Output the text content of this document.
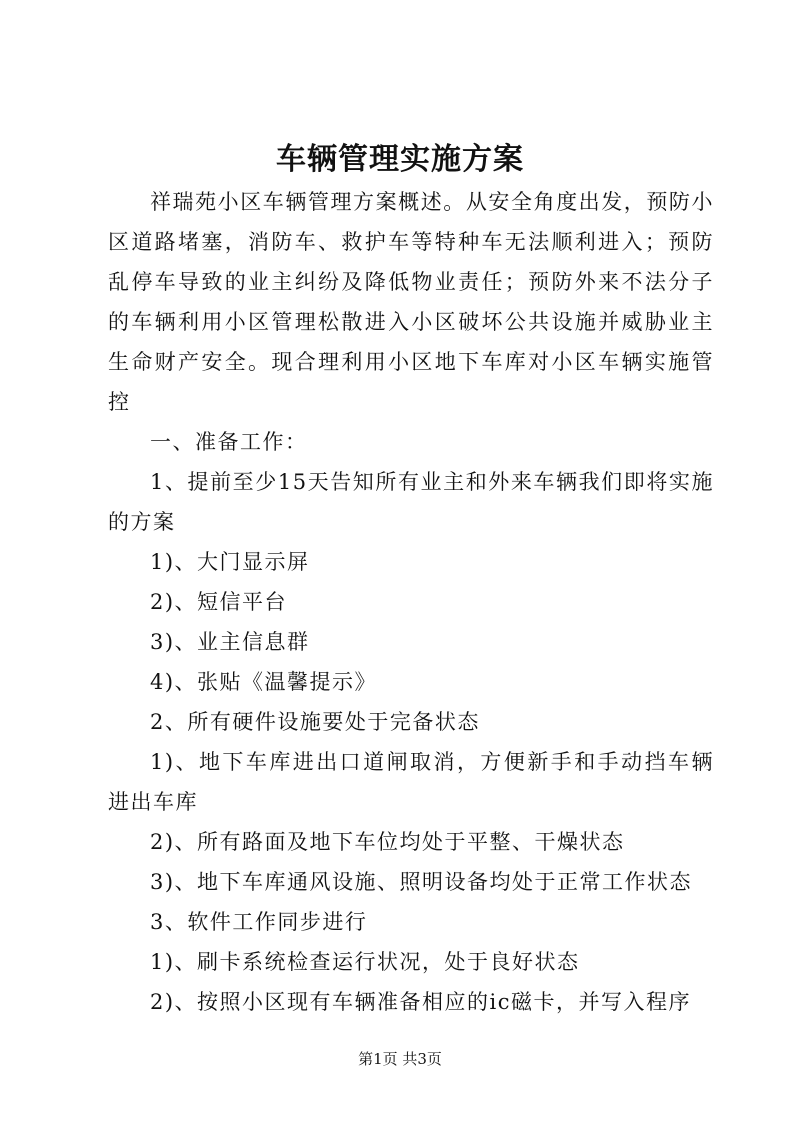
车辆管理实施方案

祥瑞苑小区车辆管理方案概述。从安全角度出发，预防小区道路堵塞，消防车、救护车等特种车无法顺利进入；预防乱停车导致的业主纠纷及降低物业责任；预防外来不法分子的车辆利用小区管理松散进入小区破坏公共设施并威胁业主生命财产安全。现合理利用小区地下车库对小区车辆实施管控

一、准备工作：

1、提前至少15天告知所有业主和外来车辆我们即将实施的方案

1)、大门显示屏

2)、短信平台

3)、业主信息群

4)、张贴《温馨提示》

2、所有硬件设施要处于完备状态

1)、地下车库进出口道闸取消，方便新手和手动挡车辆进出车库

2)、所有路面及地下车位均处于平整、干燥状态

3)、地下车库通风设施、照明设备均处于正常工作状态

3、软件工作同步进行

1)、刷卡系统检查运行状况，处于良好状态

2)、按照小区现有车辆准备相应的ic磁卡，并写入程序

第1页 共3页
